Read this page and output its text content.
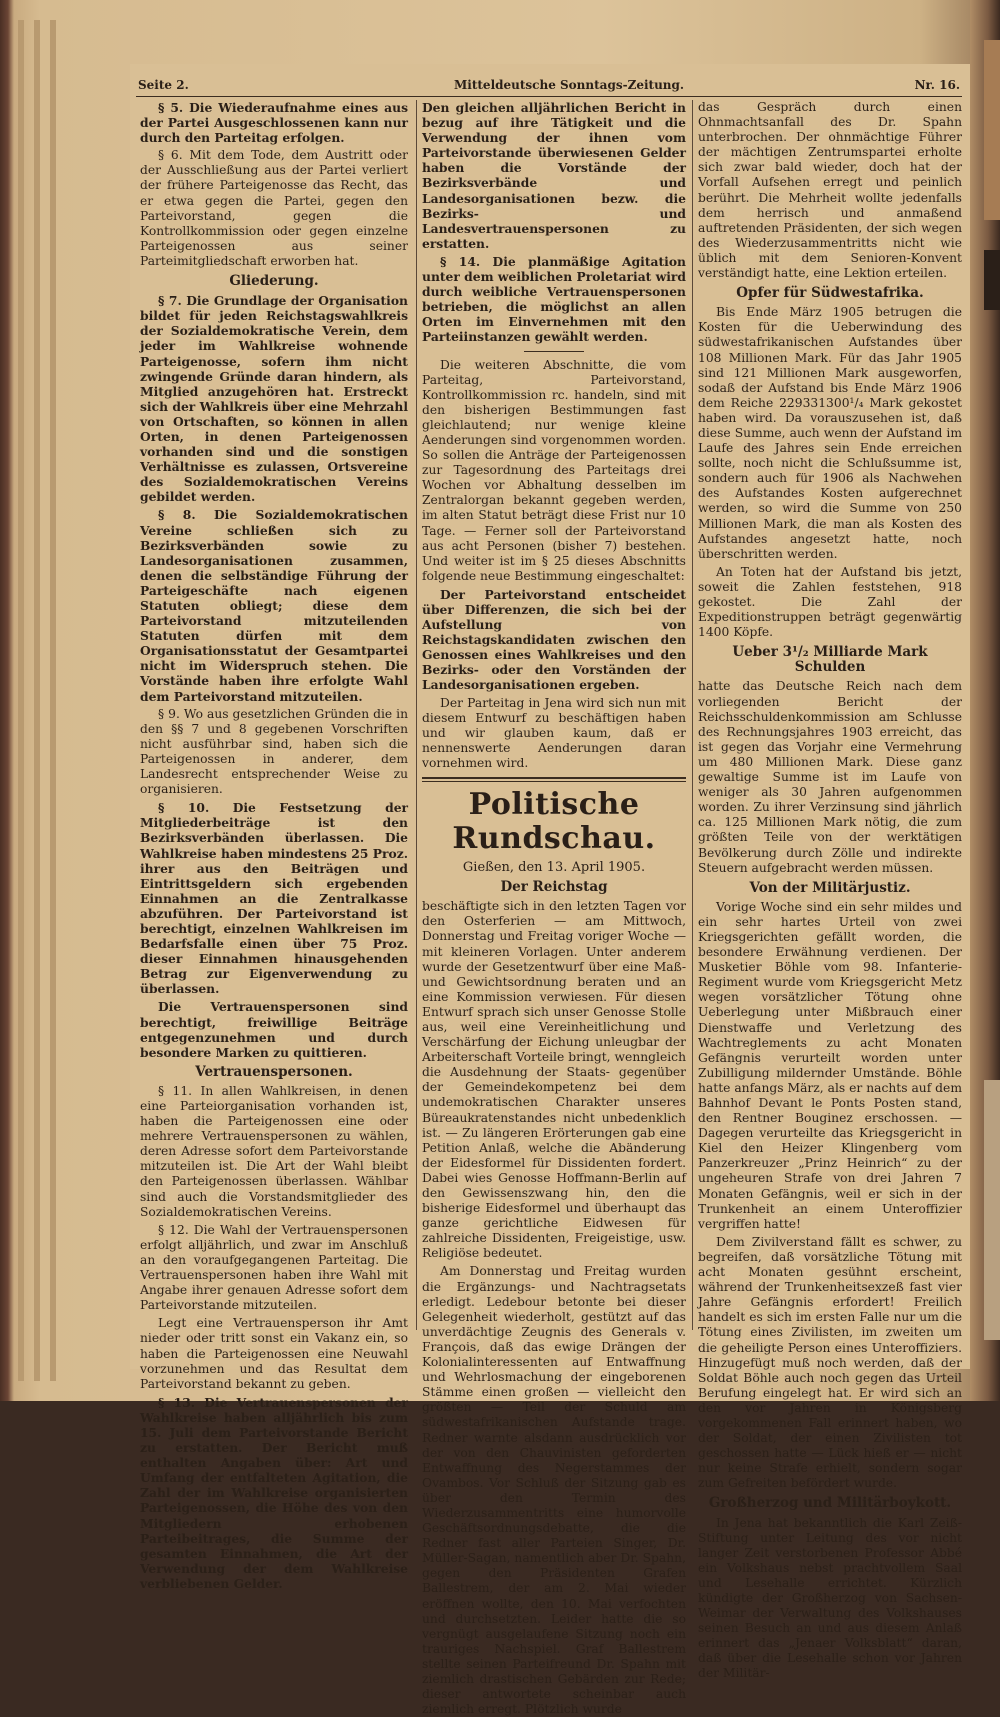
Seite 2.	Mitteldeutsche Sonntags-Zeitung.	Nr. 16.

§ 5. Die Wiederaufnahme eines aus der Partei Ausgeschlossenen kann nur durch den Parteitag erfolgen.

§ 6. Mit dem Tode, dem Austritt oder der Ausschließung aus der Partei verliert der frühere Parteigenosse das Recht, das er etwa gegen die Partei, gegen den Parteivorstand, gegen die Kontrollkommission oder gegen einzelne Parteigenossen aus seiner Parteimitgliedschaft erworben hat.

Gliederung.

§ 7. Die Grundlage der Organisation bildet für jeden Reichstagswahlkreis der Sozialdemokratische Verein, dem jeder im Wahlkreise wohnende Parteigenosse, sofern ihm nicht zwingende Gründe daran hindern, als Mitglied anzugehören hat. Erstreckt sich der Wahlkreis über eine Mehrzahl von Ortschaften, so können in allen Orten, in denen Parteigenossen vorhanden sind und die sonstigen Verhältnisse es zulassen, Ortsvereine des Sozialdemokratischen Vereins gebildet werden.

§ 8. Die Sozialdemokratischen Vereine schließen sich zu Bezirksverbänden sowie zu Landesorganisationen zusammen, denen die selbständige Führung der Parteigeschäfte nach eigenen Statuten obliegt; diese dem Parteivorstand mitzuteilenden Statuten dürfen mit dem Organisationsstatut der Gesamtpartei nicht im Widerspruch stehen. Die Vorstände haben ihre erfolgte Wahl dem Parteivorstand mitzuteilen.

§ 9. Wo aus gesetzlichen Gründen die in den §§ 7 und 8 gegebenen Vorschriften nicht ausführbar sind, haben sich die Parteigenossen in anderer, dem Landesrecht entsprechender Weise zu organisieren.

§ 10. Die Festsetzung der Mitgliederbeiträge ist den Bezirksverbänden überlassen. Die Wahlkreise haben mindestens 25 Proz. ihrer aus den Beiträgen und Eintrittsgeldern sich ergebenden Einnahmen an die Zentralkasse abzuführen. Der Parteivorstand ist berechtigt, einzelnen Wahlkreisen im Bedarfsfalle einen über 75 Proz. dieser Einnahmen hinausgehenden Betrag zur Eigenverwendung zu überlassen.

Die Vertrauenspersonen sind berechtigt, freiwillige Beiträge entgegenzunehmen und durch besondere Marken zu quittieren.

Vertrauenspersonen.

§ 11. In allen Wahlkreisen, in denen eine Parteiorganisation vorhanden ist, haben die Parteigenossen eine oder mehrere Vertrauenspersonen zu wählen, deren Adresse sofort dem Parteivorstande mitzuteilen ist. Die Art der Wahl bleibt den Parteigenossen überlassen. Wählbar sind auch die Vorstandsmitglieder des Sozialdemokratischen Vereins.

§ 12. Die Wahl der Vertrauenspersonen erfolgt alljährlich, und zwar im Anschluß an den voraufgegangenen Parteitag. Die Vertrauenspersonen haben ihre Wahl mit Angabe ihrer genauen Adresse sofort dem Parteivorstande mitzuteilen.

Legt eine Vertrauensperson ihr Amt nieder oder tritt sonst ein Vakanz ein, so haben die Parteigenossen eine Neuwahl vorzunehmen und das Resultat dem Parteivorstand bekannt zu geben.

§ 13. Die Vertrauenspersonen der Wahlkreise haben alljährlich bis zum 15. Juli dem Parteivorstande Bericht zu erstatten. Der Bericht muß enthalten Angaben über: Art und Umfang der entfalteten Agitation, die Zahl der im Wahlkreise organisierten Parteigenossen, die Höhe des von den Mitgliedern erhobenen Parteibeitrages, die Summe der gesamten Einnahmen, die Art der Verwendung der dem Wahlkreise verbliebenen Gelder.

Den gleichen alljährlichen Bericht in bezug auf ihre Tätigkeit und die Verwendung der ihnen vom Parteivorstande überwiesenen Gelder haben die Vorstände der Bezirksverbände und Landesorganisationen bezw. die Bezirks- und Landesvertrauenspersonen zu erstatten.

§ 14. Die planmäßige Agitation unter dem weiblichen Proletariat wird durch weibliche Vertrauenspersonen betrieben, die möglichst an allen Orten im Einvernehmen mit den Parteiinstanzen gewählt werden.

Die weiteren Abschnitte, die vom Parteitag, Parteivorstand, Kontrollkommission rc. handeln, sind mit den bisherigen Bestimmungen fast gleichlautend; nur wenige kleine Aenderungen sind vorgenommen worden. So sollen die Anträge der Parteigenossen zur Tagesordnung des Parteitags drei Wochen vor Abhaltung desselben im Zentralorgan bekannt gegeben werden, im alten Statut beträgt diese Frist nur 10 Tage. — Ferner soll der Parteivorstand aus acht Personen (bisher 7) bestehen. Und weiter ist im § 25 dieses Abschnitts folgende neue Bestimmung eingeschaltet:

Der Parteivorstand entscheidet über Differenzen, die sich bei der Aufstellung von Reichstagskandidaten zwischen den Genossen eines Wahlkreises und den Bezirks- oder den Vorständen der Landesorganisationen ergeben.

Der Parteitag in Jena wird sich nun mit diesem Entwurf zu beschäftigen haben und wir glauben kaum, daß er nennenswerte Aenderungen daran vornehmen wird.

Politische Rundschau.
Gießen, den 13. April 1905.
Der Reichstag

beschäftigte sich in den letzten Tagen vor den Osterferien — am Mittwoch, Donnerstag und Freitag voriger Woche — mit kleineren Vorlagen. Unter anderem wurde der Gesetzentwurf über eine Maß- und Gewichtsordnung beraten und an eine Kommission verwiesen. Für diesen Entwurf sprach sich unser Genosse Stolle aus, weil eine Vereinheitlichung und Verschärfung der Eichung unleugbar der Arbeiterschaft Vorteile bringt, wenngleich die Ausdehnung der Staats- gegenüber der Gemeindekompetenz bei dem undemokratischen Charakter unseres Büreaukratenstandes nicht unbedenklich ist. — Zu längeren Erörterungen gab eine Petition Anlaß, welche die Abänderung der Eidesformel für Dissidenten fordert. Dabei wies Genosse Hoffmann-Berlin auf den Gewissenszwang hin, den die bisherige Eidesformel und überhaupt das ganze gerichtliche Eidwesen für zahlreiche Dissidenten, Freigeistige, usw. Religiöse bedeutet.

Am Donnerstag und Freitag wurden die Ergänzungs- und Nachtragsetats erledigt. Ledebour betonte bei dieser Gelegenheit wiederholt, gestützt auf das unverdächtige Zeugnis des Generals v. François, daß das ewige Drängen der Kolonialinteressenten auf Entwaffnung und Wehrlosmachung der eingeborenen Stämme einen großen — vielleicht den größten — Teil der Schuld am südwestafrikanischen Aufstande trage. Redner warnte alsdann ausdrücklich vor der von den Chauvinisten geforderten Entwaffnung des Negerstammes der Ovambos. Vor Schluß der Sitzung gab es über den Termin des Wiederzusammentritts eine humorvolle Geschäftsordnungsdebatte, die die Redner fast aller Parteien Singer, Dr. Müller-Sagan, namentlich aber Dr. Spahn, gegen den Präsidenten Grafen Ballestrem, der am 2. Mai wieder eröffnen wollte, den 10. Mai verfochten und durchsetzten. Leider hatte die so vergnügt ausgelaufene Sitzung noch ein trauriges Nachspiel. Graf Ballestrem stellte seinen Parteifreund Dr. Spahn mit ziemlich drastischen Gebärden zur Rede; dieser antwortete scheinbar auch ziemlich erregt. Plötzlich wurde

das Gespräch durch einen Ohnmachtsanfall des Dr. Spahn unterbrochen. Der ohnmächtige Führer der mächtigen Zentrumspartei erholte sich zwar bald wieder, doch hat der Vorfall Aufsehen erregt und peinlich berührt. Die Mehrheit wollte jedenfalls dem herrisch und anmaßend auftretenden Präsidenten, der sich wegen des Wiederzusammentritts nicht wie üblich mit dem Senioren-Konvent verständigt hatte, eine Lektion erteilen.

Opfer für Südwestafrika.

Bis Ende März 1905 betrugen die Kosten für die Ueberwindung des südwestafrikanischen Aufstandes über 108 Millionen Mark. Für das Jahr 1905 sind 121 Millionen Mark ausgeworfen, sodaß der Aufstand bis Ende März 1906 dem Reiche 229331300¹/₄ Mark gekostet haben wird. Da vorauszusehen ist, daß diese Summe, auch wenn der Aufstand im Laufe des Jahres sein Ende erreichen sollte, noch nicht die Schlußsumme ist, sondern auch für 1906 als Nachwehen des Aufstandes Kosten aufgerechnet werden, so wird die Summe von 250 Millionen Mark, die man als Kosten des Aufstandes angesetzt hatte, noch überschritten werden.

An Toten hat der Aufstand bis jetzt, soweit die Zahlen feststehen, 918 gekostet. Die Zahl der Expeditionstruppen beträgt gegenwärtig 1400 Köpfe.

Ueber 3¹/₂ Milliarde Mark Schulden

hatte das Deutsche Reich nach dem vorliegenden Bericht der Reichsschuldenkommission am Schlusse des Rechnungsjahres 1903 erreicht, das ist gegen das Vorjahr eine Vermehrung um 480 Millionen Mark. Diese ganz gewaltige Summe ist im Laufe von weniger als 30 Jahren aufgenommen worden. Zu ihrer Verzinsung sind jährlich ca. 125 Millionen Mark nötig, die zum größten Teile von der werktätigen Bevölkerung durch Zölle und indirekte Steuern aufgebracht werden müssen.

Von der Militärjustiz.

Vorige Woche sind ein sehr mildes und ein sehr hartes Urteil von zwei Kriegsgerichten gefällt worden, die besondere Erwähnung verdienen. Der Musketier Böhle vom 98. Infanterie-Regiment wurde vom Kriegsgericht Metz wegen vorsätzlicher Tötung ohne Ueberlegung unter Mißbrauch einer Dienstwaffe und Verletzung des Wachtreglements zu acht Monaten Gefängnis verurteilt worden unter Zubilligung mildernder Umstände. Böhle hatte anfangs März, als er nachts auf dem Bahnhof Devant le Ponts Posten stand, den Rentner Bouginez erschossen. — Dagegen verurteilte das Kriegsgericht in Kiel den Heizer Klingenberg vom Panzerkreuzer „Prinz Heinrich“ zu der ungeheuren Strafe von drei Jahren 7 Monaten Gefängnis, weil er sich in der Trunkenheit an einem Unteroffizier vergriffen hatte!

Dem Zivilverstand fällt es schwer, zu begreifen, daß vorsätzliche Tötung mit acht Monaten gesühnt erscheint, während der Trunkenheitsexzeß fast vier Jahre Gefängnis erfordert! Freilich handelt es sich im ersten Falle nur um die Tötung eines Zivilisten, im zweiten um die geheiligte Person eines Unteroffiziers. Hinzugefügt muß noch werden, daß der Soldat Böhle auch noch gegen das Urteil Berufung eingelegt hat. Er wird sich an den vor Jahren in Königsberg vorgekommenen Fall erinnert haben, wo der Soldat, der einen Zivilisten tot geschossen hatte — Lück hieß er — nicht nur keine Strafe erhielt, sondern sogar zum Gefreiten befördert wurde.

Großherzog und Militärboykott.

In Jena hat bekanntlich die Karl Zeiß-Stiftung unter Leitung des vor nicht langer Zeit verstorbenen Professor Abbé ein Volkshaus nebst prachtvollem Saal und Lesehalle errichtet. Kürzlich kündigte der Großherzog von Sachsen-Weimar der Verwaltung des Volkshauses seinen Besuch an und aus diesem Anlaß erinnert das „Jenaer Volksblatt“ daran, daß über die Lesehalle schon vor Jahren der Militär-
